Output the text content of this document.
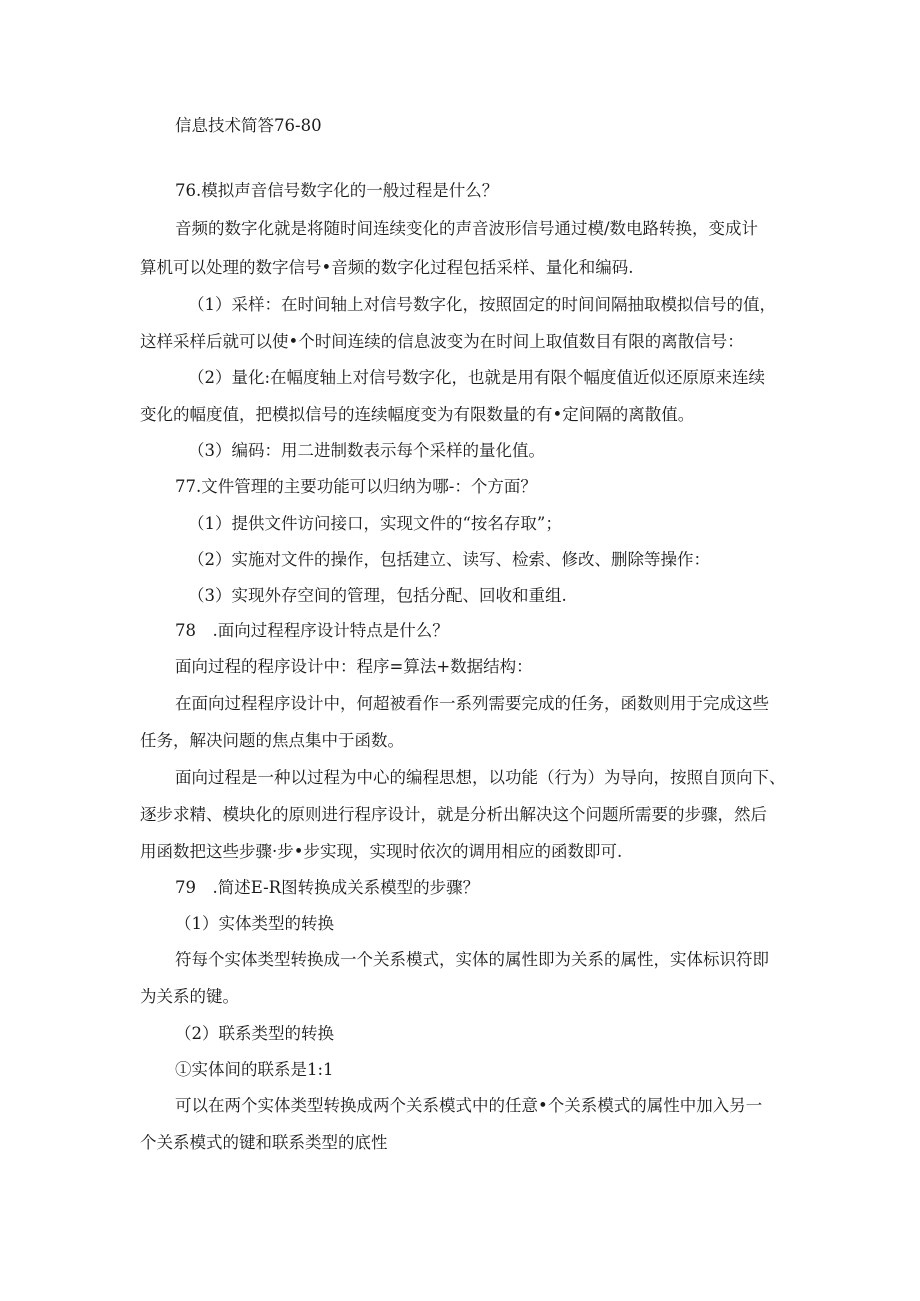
信息技术简答76-80
76.模拟声音信号数字化的一般过程是什么？
音频的数字化就是将随时间连续变化的声音波形信号通过模/数电路转换，变成计
算机可以处理的数字信号•音频的数字化过程包括采样、量化和编码.
（1）采样：在时间轴上对信号数字化，按照固定的时间间隔抽取模拟信号的值，
这样采样后就可以使•个时间连续的信息波变为在时间上取值数目有限的离散信号：
（2）量化:在幅度轴上对信号数字化，也就是用有限个幅度值近似还原原来连续
变化的幅度值，把模拟信号的连续幅度变为有限数量的有•定间隔的离散值。
（3）编码：用二进制数表示每个采样的量化值。
77.文件管理的主要功能可以归纳为哪-：个方面？
（1）提供文件访问接口，实现文件的“按名存取”；
（2）实施对文件的操作，包括建立、读写、检索、修改、删除等操作：
（3）实现外存空间的管理，包括分配、回收和重组.
78　.面向过程程序设计特点是什么？
面向过程的程序设计中：程序=算法+数据结构：
在面向过程程序设计中，何超被看作一系列需要完成的任务，函数则用于完成这些
任务，解决问题的焦点集中于函数。
面向过程是一种以过程为中心的编程思想，以功能（行为）为导向，按照自顶向下、
逐步求精、模块化的原则进行程序设计，就是分析出解决这个问题所需要的步骤，然后
用函数把这些步骤·步•步实现，实现时依次的调用相应的函数即可.
79　.简述E-R图转换成关系模型的步骤？
（1）实体类型的转换
符每个实体类型转换成一个关系模式，实体的属性即为关系的属性，实体标识符即
为关系的键。
（2）联系类型的转换
①实体间的联系是1:1
可以在两个实体类型转换成两个关系模式中的任意•个关系模式的属性中加入另一
个关系模式的键和联系类型的底性
